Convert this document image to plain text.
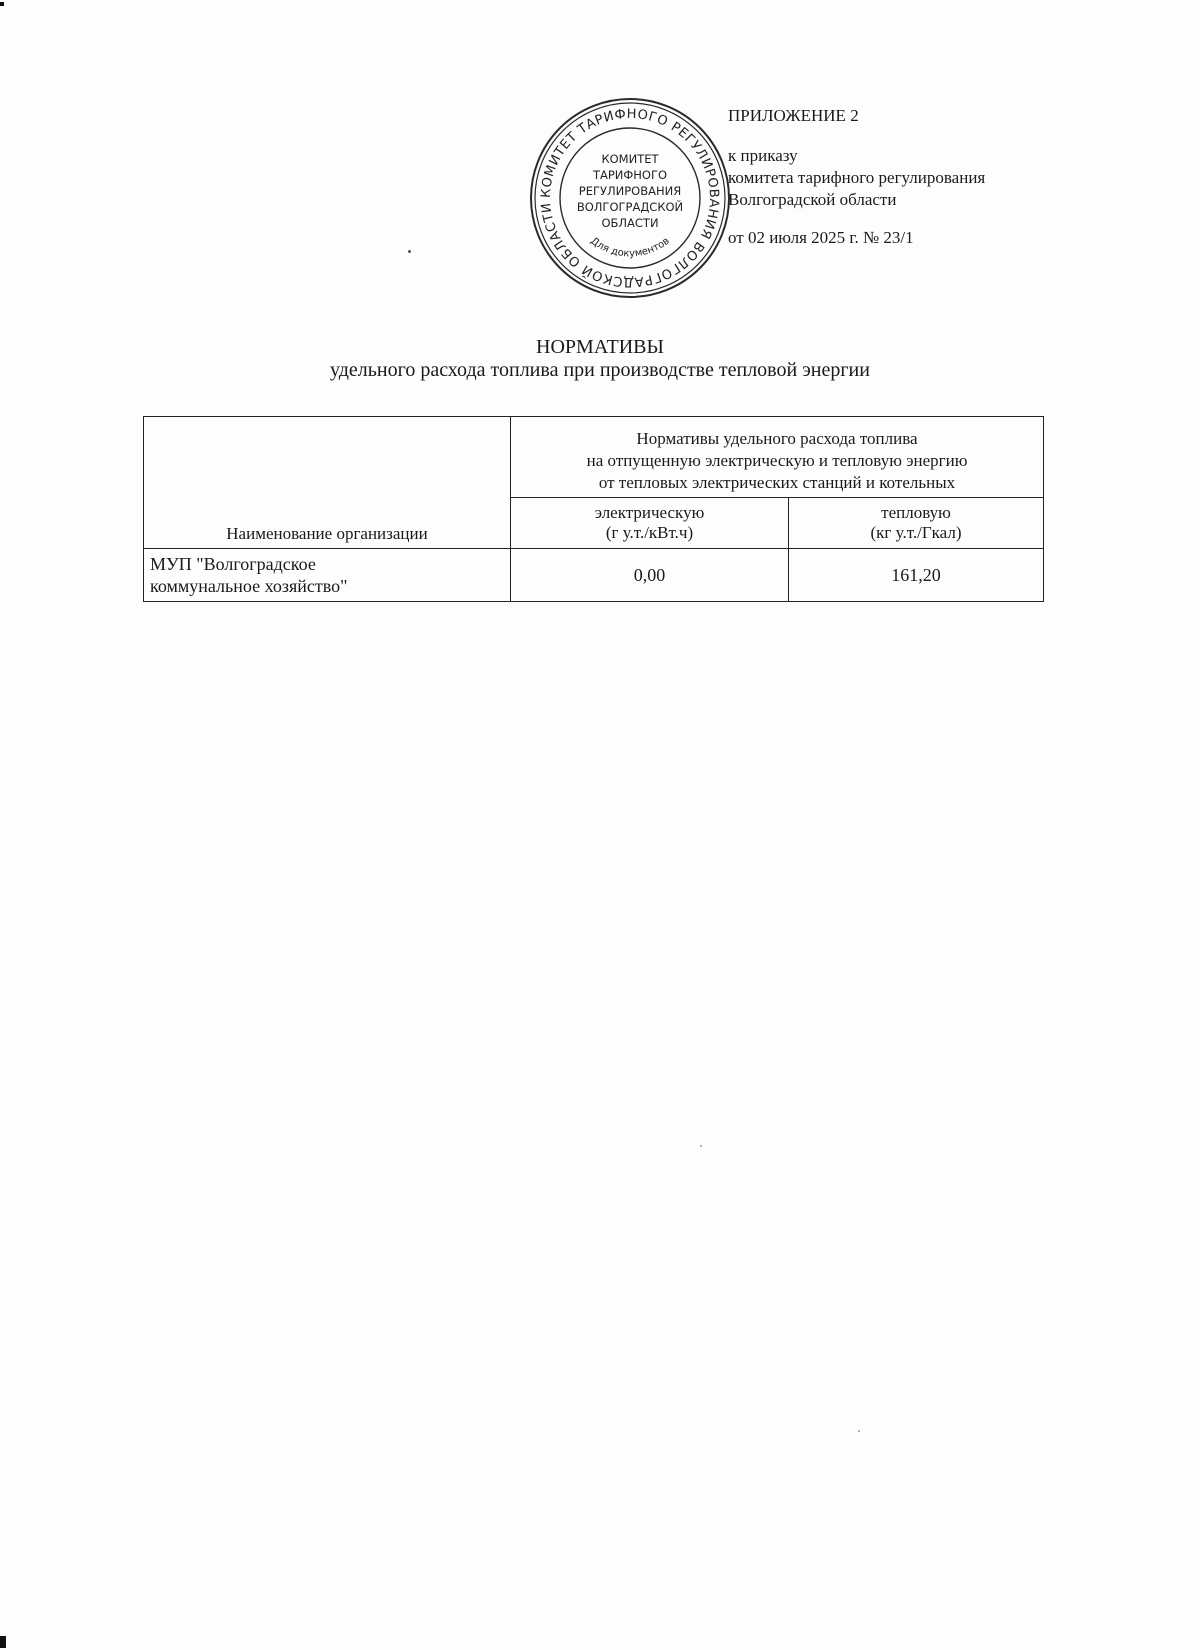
КОМИТЕТ ТАРИФНОГО РЕГУЛИРОВАНИЯ ВОЛГОГРАДСКОЙ ОБЛАСТИ
КОМИТЕТ
ТАРИФНОГО
РЕГУЛИРОВАНИЯ
ВОЛГОГРАДСКОЙ
ОБЛАСТИ
Для документов
ПРИЛОЖЕНИЕ 2
к приказу
комитета тарифного регулирования
Волгоградской области
от 02 июля 2025 г. № 23/1
НОРМАТИВЫ
удельного расхода топлива при производстве тепловой энергии
Наименование организации	Нормативы удельного расхода топлива
на отпущенную электрическую и тепловую энергию
от тепловых электрических станций и котельных	

	электрическую
(г у.т./кВт.ч)	тепловую
(кг у.т./Гкал)

МУП "Волгоградское
коммунальное хозяйство"	0,00	161,20
